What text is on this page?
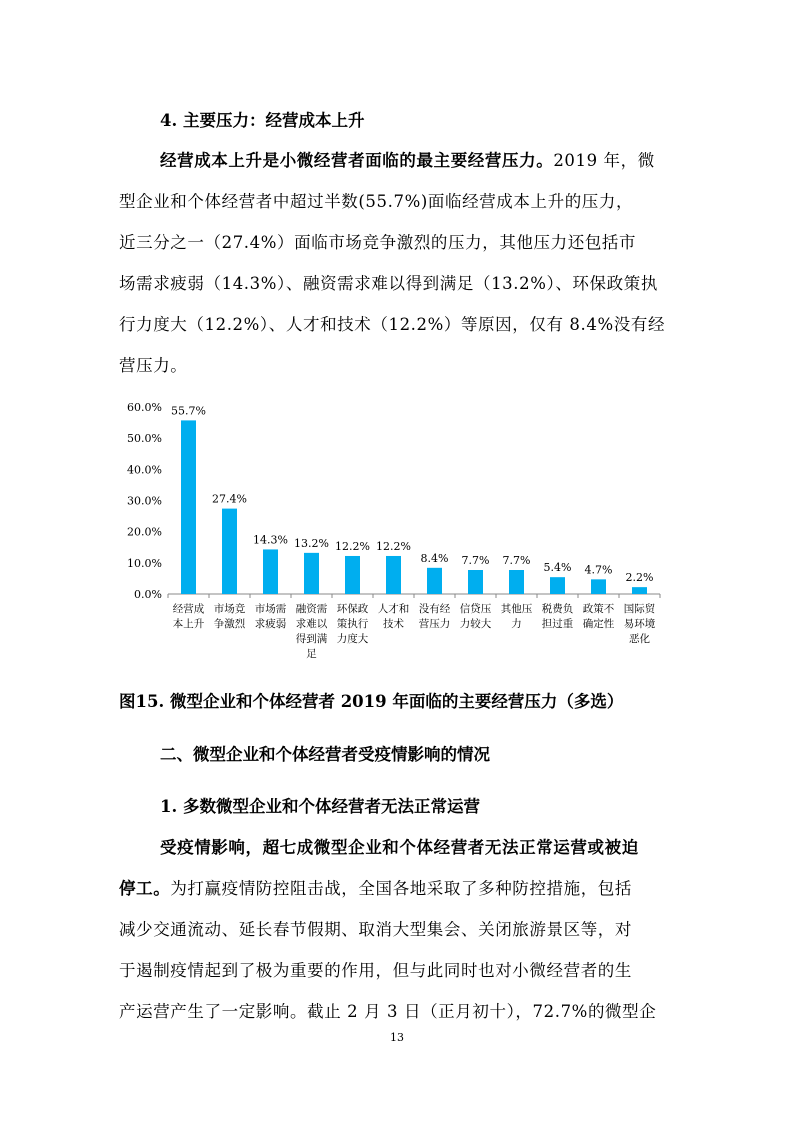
4. 主要压力：经营成本上升
经营成本上升是小微经营者面临的最主要经营压力。2019 年，微
型企业和个体经营者中超过半数(55.7%)面临经营成本上升的压力，
近三分之一（27.4%）面临市场竞争激烈的压力，其他压力还包括市
场需求疲弱（14.3%）、融资需求难以得到满足（13.2%）、环保政策执
行力度大（12.2%）、人才和技术（12.2%）等原因，仅有 8.4%没有经
营压力。
0.0%
10.0%
20.0%
30.0%
40.0%
50.0%
60.0% 55.7%
经营成
本上升
27.4%
市场竞
争激烈
14.3%
市场需
求疲弱
13.2%
融资需
求难以
得到满
足
12.2%
环保政
策执行
力度大
12.2%
人才和
技术
8.4%
没有经
营压力
7.7%
信贷压
力较大
7.7%
其他压
力
5.4%
税费负
担过重
4.7%
政策不
确定性
2.2%
国际贸
易环境
恶化
图15. 微型企业和个体经营者 2019 年面临的主要经营压力（多选）
二、微型企业和个体经营者受疫情影响的情况
1. 多数微型企业和个体经营者无法正常运营
受疫情影响，超七成微型企业和个体经营者无法正常运营或被迫
停工。为打赢疫情防控阻击战，全国各地采取了多种防控措施，包括
减少交通流动、延长春节假期、取消大型集会、关闭旅游景区等，对
于遏制疫情起到了极为重要的作用，但与此同时也对小微经营者的生
产运营产生了一定影响。截止 2 月 3 日（正月初十），72.7%的微型企
13
